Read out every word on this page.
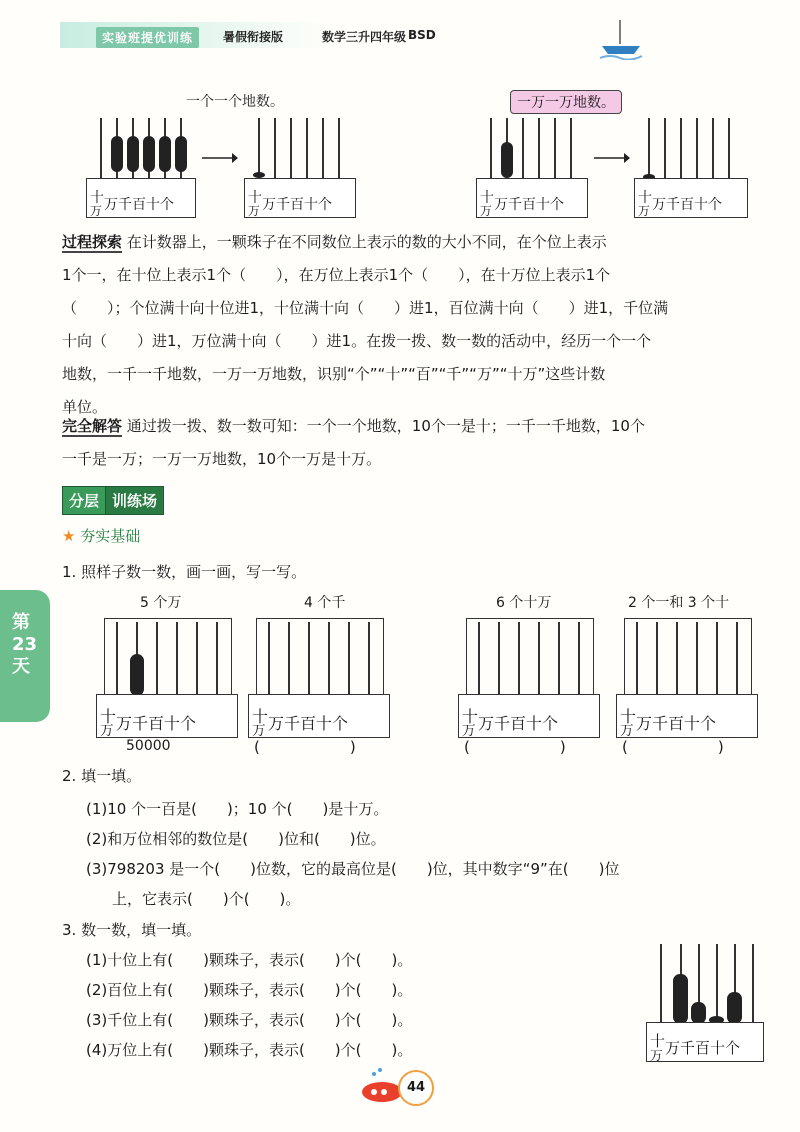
实验班提优训练	暑假衔接版	数学三升四年级 BSD
一个一个地数。	一万一万地数。
十
万 万千百十个	十
万 万千百十个	十
万 万千百十个	十
万 万千百十个
过程探索 在计数器上，一颗珠子在不同数位上表示的数的大小不同，在个位上表示
1个一，在十位上表示1个（　　），在万位上表示1个（　　），在十万位上表示1个
（　　）；个位满十向十位进1，十位满十向（　　）进1，百位满十向（　　）进1，千位满
十向（　　）进1，万位满十向（　　）进1。在拨一拨、数一数的活动中，经历一个一个
地数，一千一千地数，一万一万地数，识别“个”“十”“百”“千”“万”“十万”这些计数
单位。
完全解答 通过拨一拨、数一数可知：一个一个地数，10个一是十；一千一千地数，10个
一千是一万；一万一万地数，10个一万是十万。
分层 训练场
★ 夯实基础
第23天
1. 照样子数一数，画一画，写一写。
5 个万	4 个千	6 个十万	2 个一和 3 个十
十
万 万千百十个	十
万 万千百十个	十
万 万千百十个	十
万 万千百十个
50000	(　　　　　　)	(　　　　　　)	(　　　　　　)
2. 填一填。
(1)10 个一百是(　　)；10 个(　　)是十万。
(2)和万位相邻的数位是(　　)位和(　　)位。
(3)798203 是一个(　　)位数，它的最高位是(　　)位，其中数字“9”在(　　)位
上，它表示(　　)个(　　)。
3. 数一数，填一填。
(1)十位上有(　　)颗珠子，表示(　　)个(　　)。
(2)百位上有(　　)颗珠子，表示(　　)个(　　)。
(3)千位上有(　　)颗珠子，表示(　　)个(　　)。
(4)万位上有(　　)颗珠子，表示(　　)个(　　)。	十
万 万千百十个
44
